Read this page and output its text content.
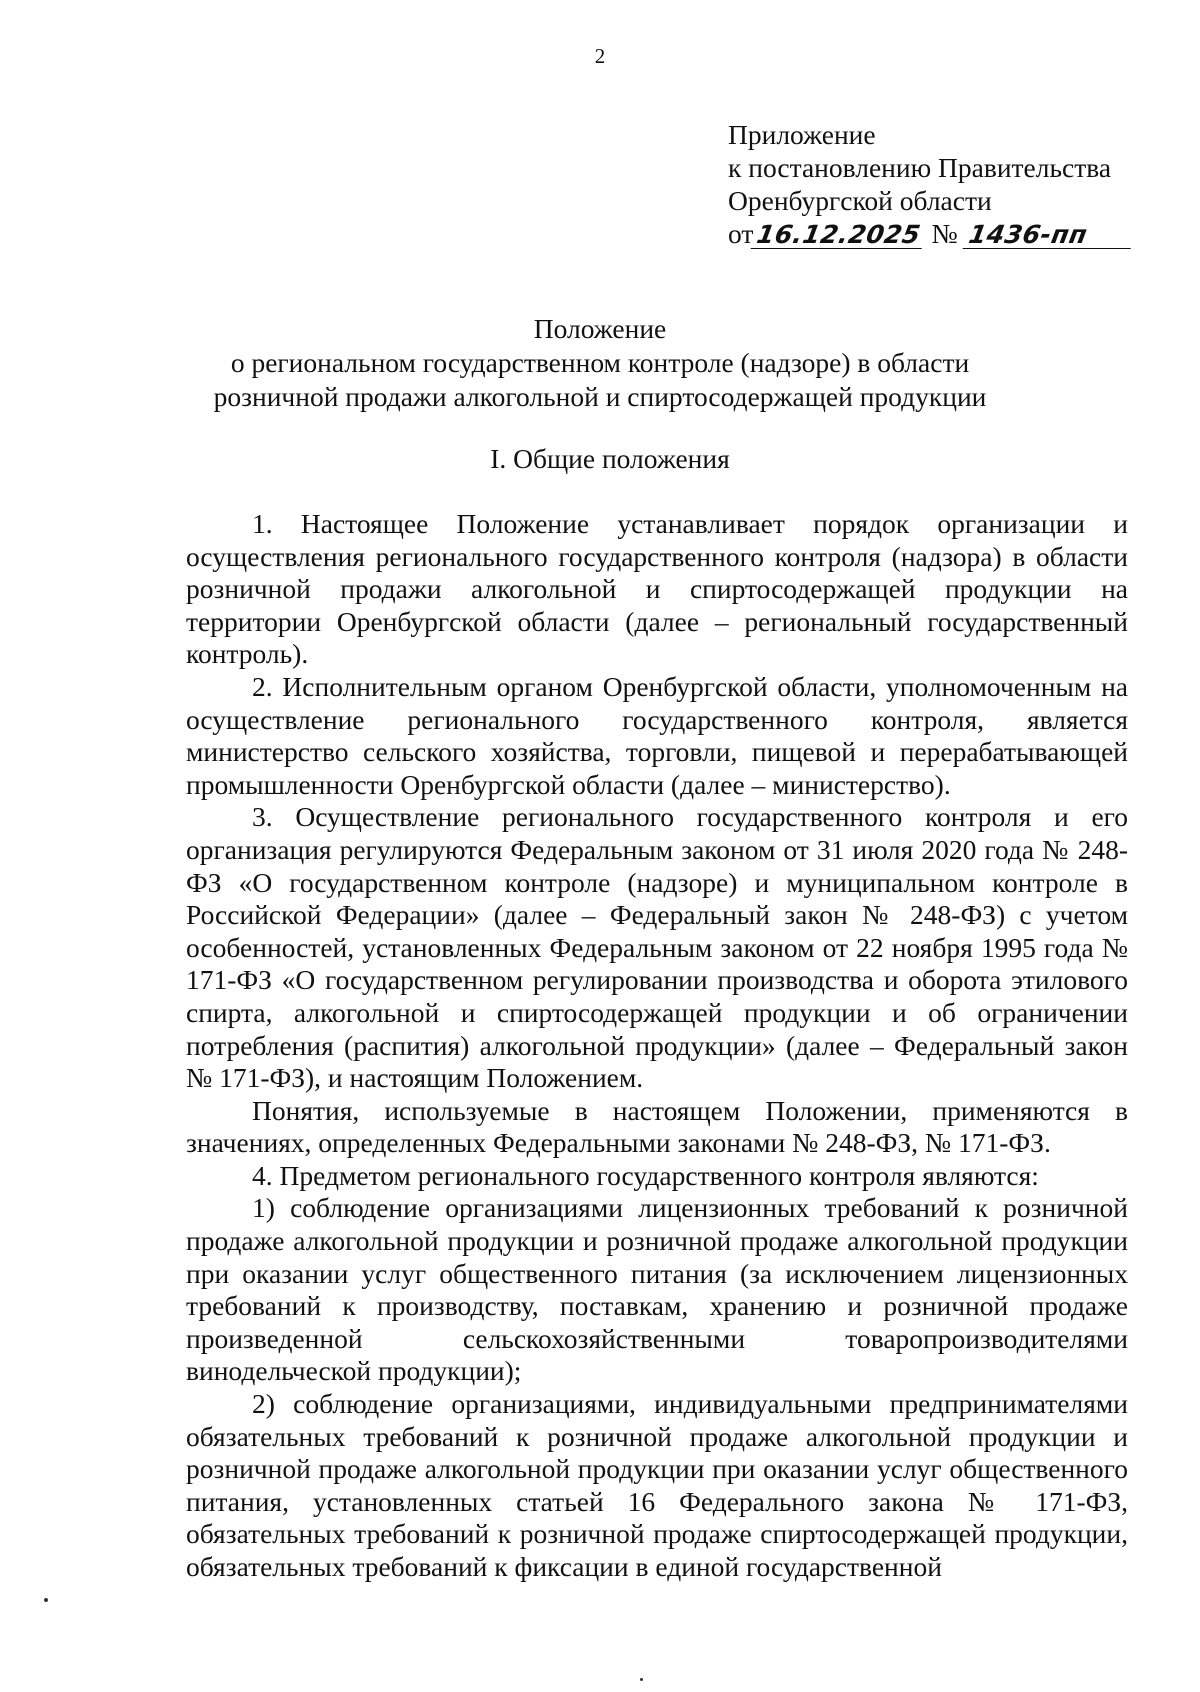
2
Приложение
к постановлению Правительства
Оренбургской области
от16.12.2025 № 1436-пп
Положение
о региональном государственном контроле (надзоре) в области
розничной продажи алкогольной и спиртосодержащей продукции
I. Общие положения

1. Настоящее Положение устанавливает порядок организации и осуществления регионального государственного контроля (надзора) в области розничной продажи алкогольной и спиртосодержащей продукции на территории Оренбургской области (далее – региональный государственный контроль).

2. Исполнительным органом Оренбургской области, уполномоченным на осуществление регионального государственного контроля, является министерство сельского хозяйства, торговли, пищевой и перерабатывающей промышленности Оренбургской области (далее – министерство).

3. Осуществление регионального государственного контроля и его организация регулируются Федеральным законом от 31 июля 2020 года № 248-ФЗ «О государственном контроле (надзоре) и муниципальном контроле в Российской Федерации» (далее – Федеральный закон № 248-ФЗ) с учетом особенностей, установленных Федеральным законом от 22 ноября 1995 года № 171-ФЗ «О государственном регулировании производства и оборота этилового спирта, алкогольной и спиртосодержащей продукции и об ограничении потребления (распития) алкогольной продукции» (далее – Федеральный закон № 171-ФЗ), и настоящим Положением.

Понятия, используемые в настоящем Положении, применяются в значениях, определенных Федеральными законами № 248-ФЗ, № 171-ФЗ.

4. Предметом регионального государственного контроля являются:

1) соблюдение организациями лицензионных требований к розничной продаже алкогольной продукции и розничной продаже алкогольной продукции при оказании услуг общественного питания (за исключением лицензионных требований к производству, поставкам, хранению и розничной продаже произведенной сельскохозяйственными товаропроизводителями винодельческой продукции);

2) соблюдение организациями, индивидуальными предпринимателями обязательных требований к розничной продаже алкогольной продукции и розничной продаже алкогольной продукции при оказании услуг общественного питания, установленных статьей 16 Федерального закона № 171-ФЗ, обязательных требований к розничной продаже спиртосодержащей продукции, обязательных требований к фиксации в единой государственной
